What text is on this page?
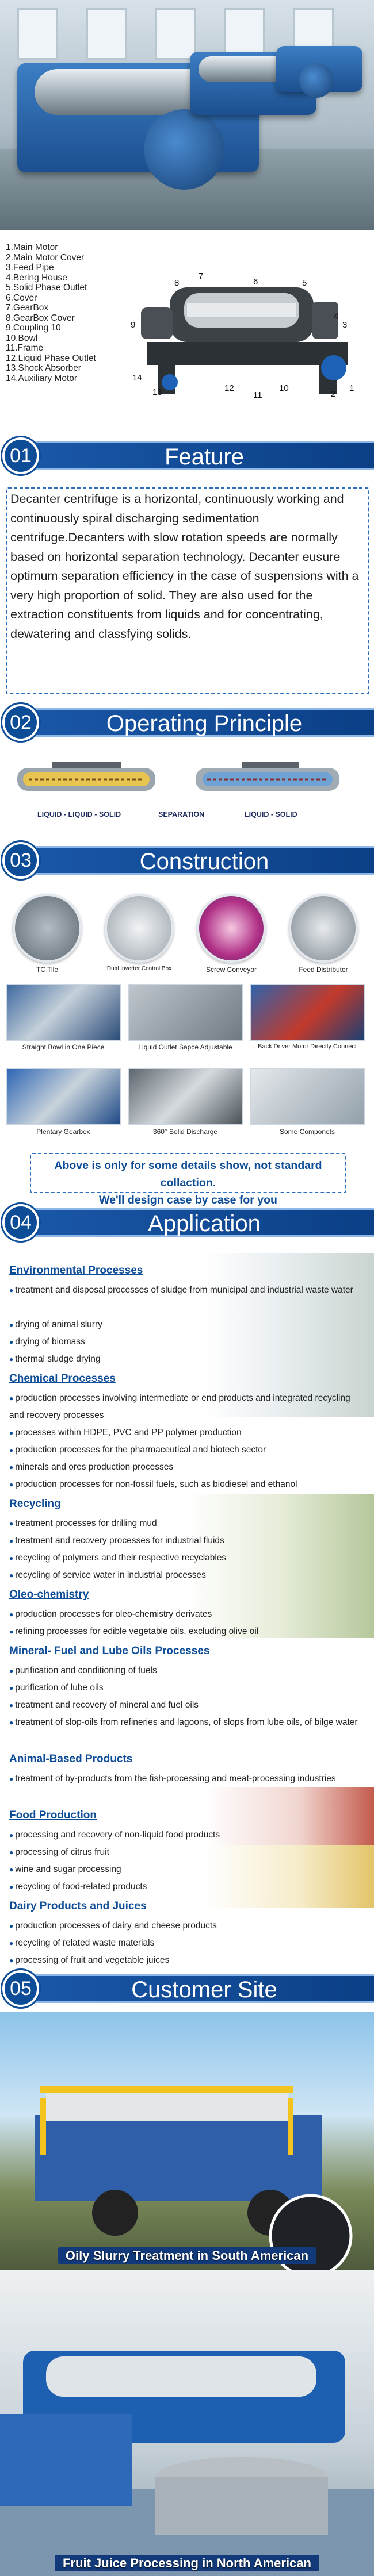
1.Main Motor
2.Main Motor Cover
3.Feed Pipe
4.Bering House
5.Solid Phase Outlet
6.Cover
7.GearBox
8.GearBox Cover
9.Coupling 10
10.Bowl
11.Frame
12.Liquid Phase Outlet
13.Shock Absorber
14.Auxiliary Motor
1
2
3
4
5
6
7
8
9
10
11
12
13
14
01	Feature
Decanter centrifuge is a horizontal, continuously working and continuously spiral discharging sedimentation centrifuge.Decanters with slow rotation speeds are normally based on horizontal separation technology. Decanter eusure optimum separation efficiency in the case of suspensions with a very high proportion of solid. They are also used for the extraction constituents from liquids and for concentrating, dewatering and classfying solids.
02	Operating Principle
LIQUID - LIQUID - SOLID	SEPARATION	LIQUID - SOLID
03	Construction
TC Tile	Dual Inverter Control Box	Screw Conveyor	Feed Distributor
Straight Bowl in One Piece	Liquid Outlet Sapce Adjustable	Back Driver Motor Directly Connect
Plentary Gearbox	360° Solid Discharge	Some Componets
Above is only for some details show, not standard collaction.
We'll design case by case for you
04	Application
Environmental Processes
● treatment and disposal processes of sludge from municipal and industrial waste water
● drying of animal slurry
● drying of biomass
● thermal sludge drying
Chemical Processes
● production processes involving intermediate or end products and integrated recycling and recovery processes
● processes within HDPE, PVC and PP polymer production
● production processes for the pharmaceutical and biotech sector
● minerals and ores production processes
● production processes for non-fossil fuels, such as biodiesel and ethanol
Recycling
● treatment processes for drilling mud
● treatment and recovery processes for industrial fluids
● recycling of polymers and their respective recyclables
● recycling of service water in industrial processes
Oleo-chemistry
● production processes for oleo-chemistry derivates
● refining processes for edible vegetable oils, excluding olive oil
Mineral- Fuel and Lube Oils Processes
● purification and conditioning of fuels
● purification of lube oils
● treatment and recovery of mineral and fuel oils
● treatment of slop-oils from refineries and lagoons, of slops from lube oils, of bilge water
Animal-Based Products
● treatment of by-products from the fish-processing and meat-processing industries
Food Production
● processing and recovery of non-liquid food products
● processing of citrus fruit
● wine and sugar processing
● recycling of food-related products
Dairy Products and Juices
● production processes of dairy and cheese products
● recycling of related waste materials
● processing of fruit and vegetable juices
05	Customer Site
Oily Slurry Treatment in South American
Fruit Juice Processing in North American
